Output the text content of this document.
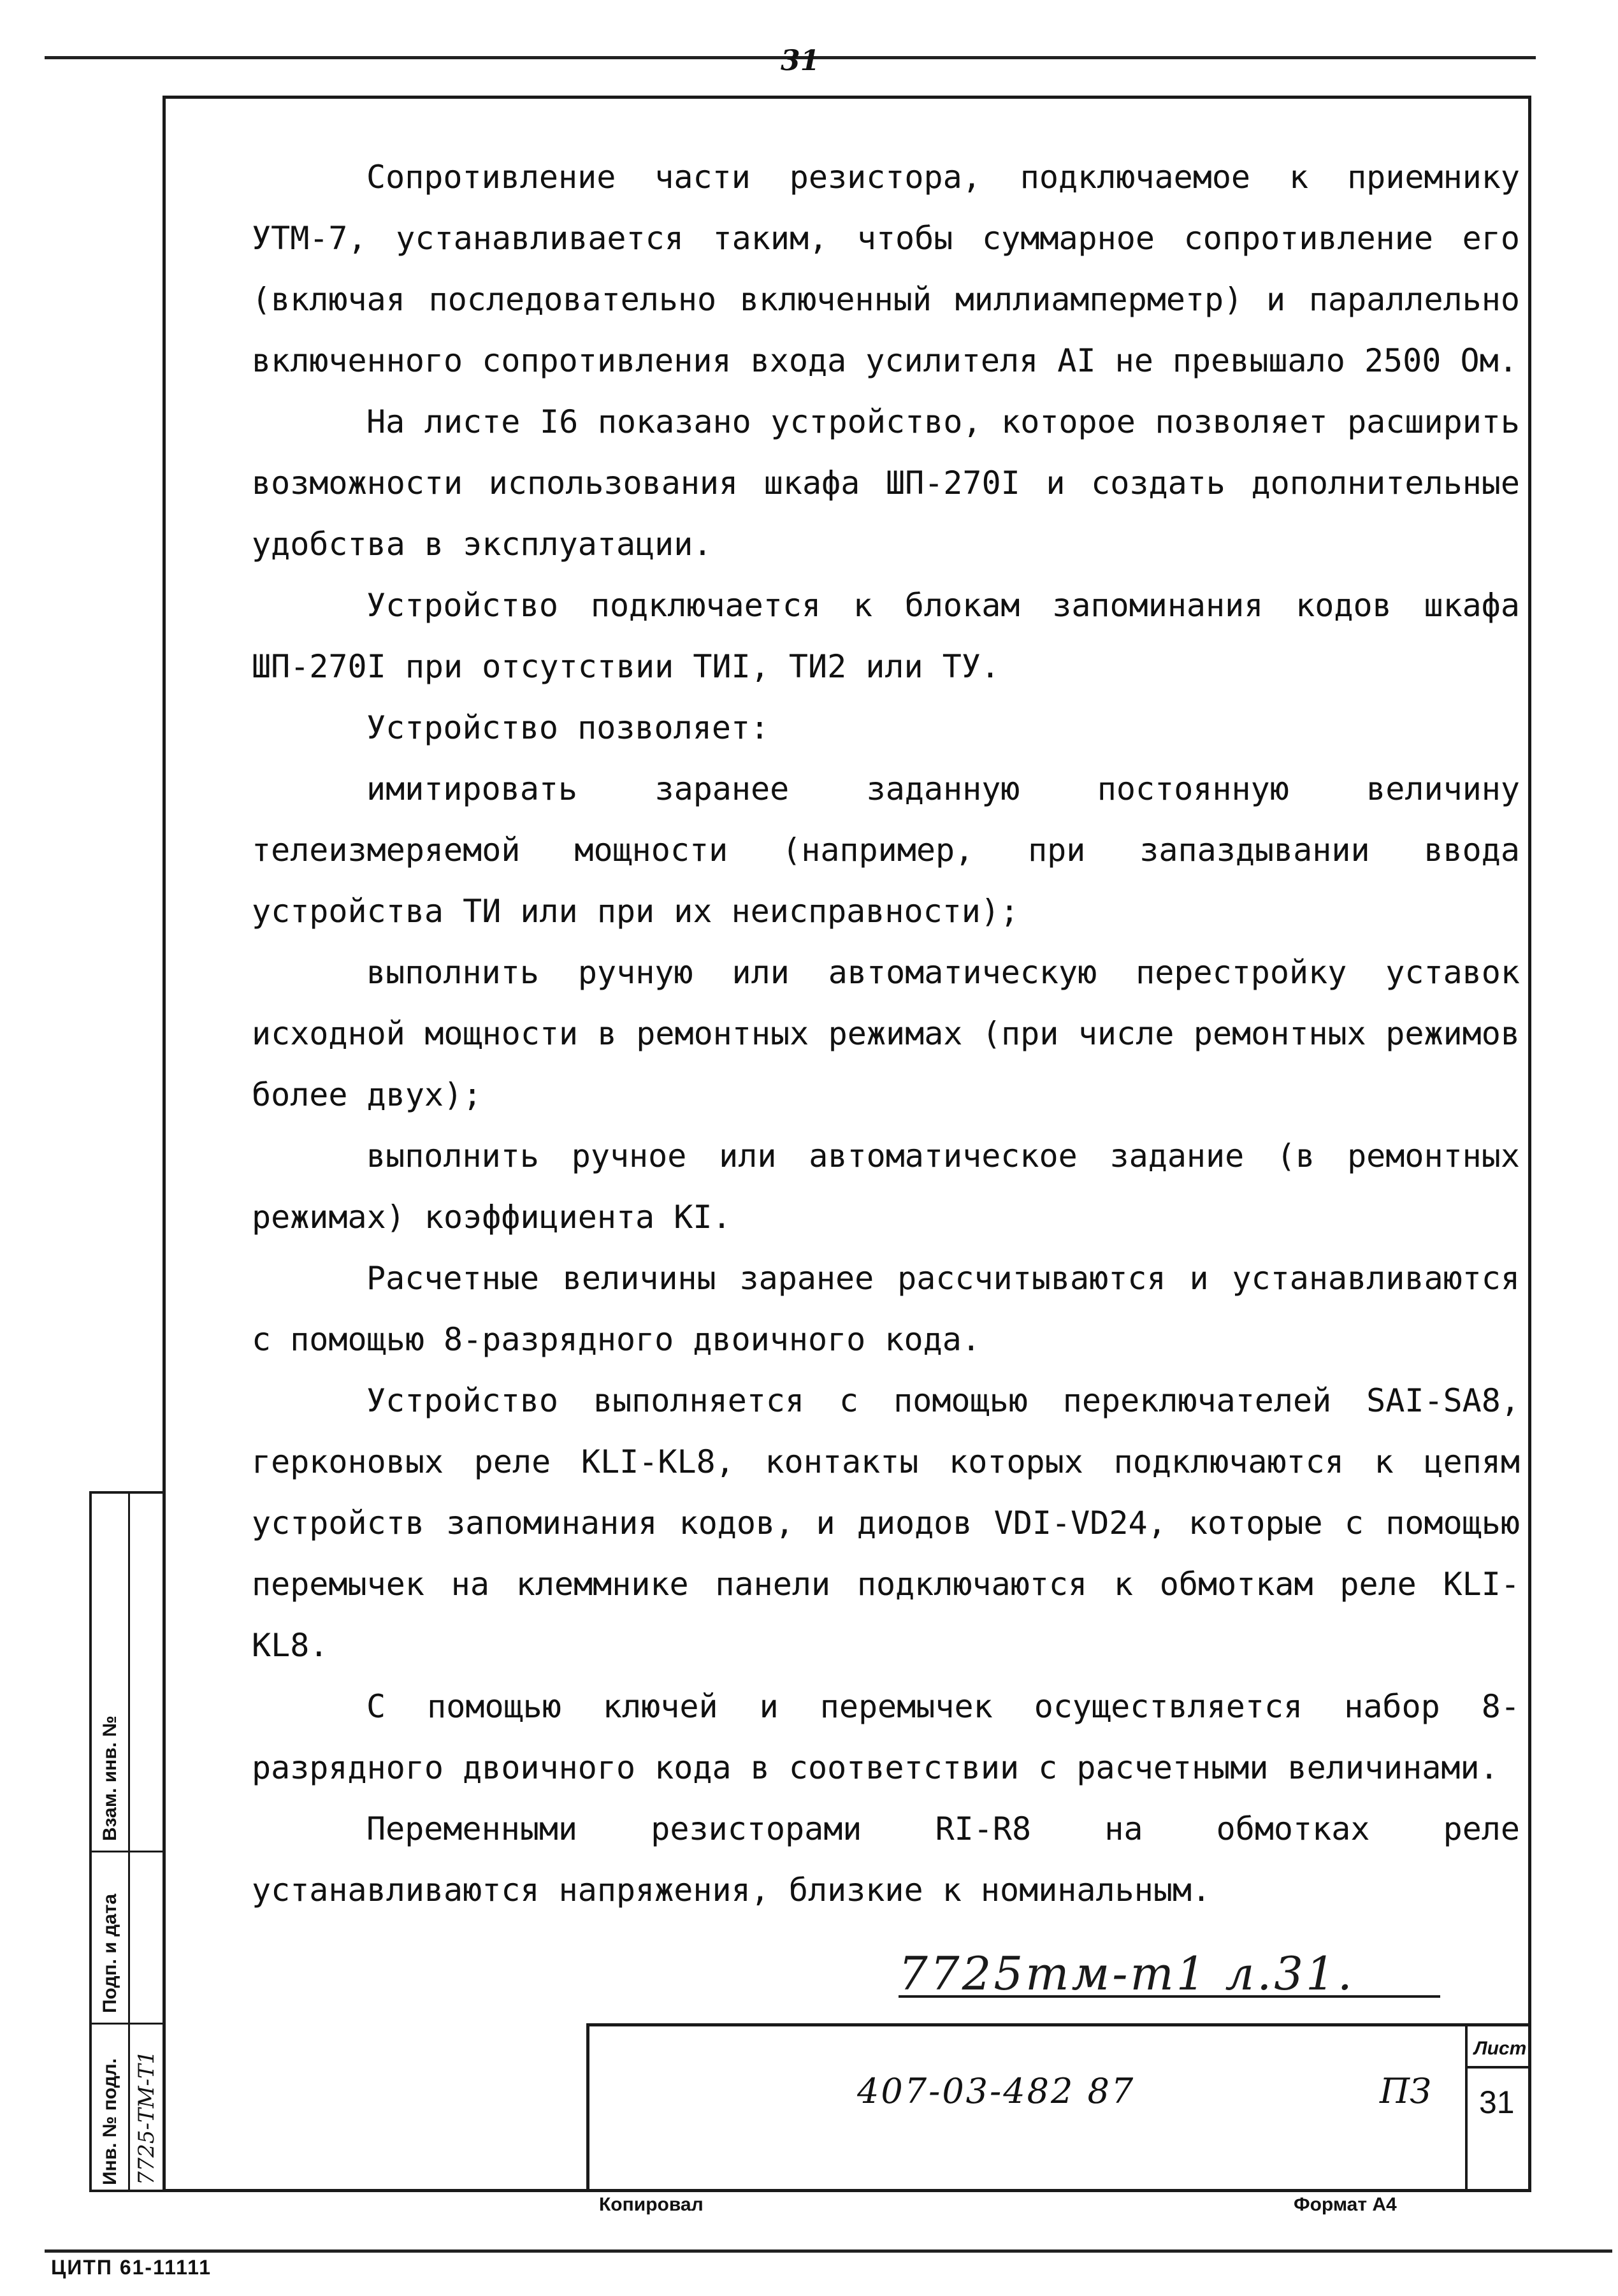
31

Сопротивление части резистора, подключаемое к приемнику УТМ-7, устанавливается таким, чтобы суммарное сопротивление его (включая последовательно включенный миллиамперметр) и параллельно включенного сопротивления входа усилителя АI не превышало 2500 Ом.

На листе I6 показано устройство, которое позволяет расширить возможности использования шкафа ШП-270I и создать дополнительные удобства в эксплуатации.

Устройство подключается к блокам запоминания кодов шкафа ШП-270I при отсутствии ТИI, ТИ2 или ТУ.

Устройство позволяет:

имитировать заранее заданную постоянную величину телеизмеряемой мощности (например, при запаздывании ввода устройства ТИ или при их неисправности);

выполнить ручную или автоматическую перестройку уставок исходной мощности в ремонтных режимах (при числе ремонтных режимов более двух);

выполнить ручное или автоматическое задание (в ремонтных режимах) коэффициента КI.

Расчетные величины заранее рассчитываются и устанавливаются с помощью 8-разрядного двоичного кода.

Устройство выполняется с помощью переключателей SAI-SA8, герконовых реле КLI-КL8, контакты которых подключаются к цепям устройств запоминания кодов, и диодов VDI-VD24, которые с помощью перемычек на клеммнике панели подключаются к обмоткам реле КLI-КL8.

С помощью ключей и перемычек осуществляется набор 8-разрядного двоичного кода в соответствии с расчетными величинами.

Переменными резисторами RI-R8 на обмотках реле устанавливаются напряжения, близкие к номинальным.

Инв. № подл.
Подп. и дата
Взам. инв. №
7725-ТМ-Т1
7725тм-т1 л.31.
407-03-482 87	ПЗ
Лист
31
Копировал	Формат А4
ЦИТП 61-11111
